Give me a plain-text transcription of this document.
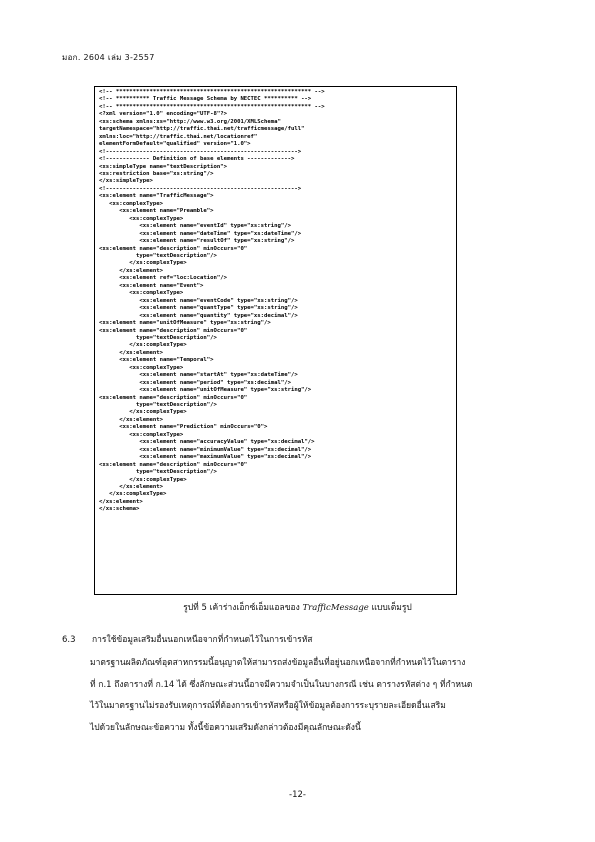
มอก. 2604 เล่ม 3-2557
<!-- ********************************************************** -->
<!-- ********** Traffic Message Schema by NECTEC ********** -->
<!-- ********************************************************** -->
<?xml version="1.0" encoding="UTF-8"?>
<xs:schema xmlns:xs="http://www.w3.org/2001/XMLSchema"
targetNamespace="http://traffic.thai.net/trafficmessage/full"
xmlns:loc="http://traffic.thai.net/locationref"
elementFormDefault="qualified" version="1.0">
<!--------------------------------------------------------->
<!------------- Definition of base elements ------------->
<xs:simpleType name="textDescription">
<xs:restriction base="xs:string"/>
</xs:simpleType>
<!--------------------------------------------------------->
<xs:element name="TrafficMessage">
<xs:complexType>
<xs:element name="Preamble">
<xs:complexType>
<xs:element name="eventId" type="xs:string"/>
<xs:element name="dateTime" type="xs:dateTime"/>
<xs:element name="resultOf" type="xs:string"/>
<xs:element name="description" minOccurs="0"
type="textDescription"/>
</xs:complexType>
</xs:element>
<xs:element ref="loc:Location"/>
<xs:element name="Event">
<xs:complexType>
<xs:element name="eventCode" type="xs:string"/>
<xs:element name="quantType" type="xs:string"/>
<xs:element name="quantity" type="xs:decimal"/>
<xs:element name="unitOfMeasure" type="xs:string"/>
<xs:element name="description" minOccurs="0"
type="textDescription"/>
</xs:complexType>
</xs:element>
<xs:element name="Temporal">
<xs:complexType>
<xs:element name="startAt" type="xs:dateTime"/>
<xs:element name="period" type="xs:decimal"/>
<xs:element name="unitOfMeasure" type="xs:string"/>
<xs:element name="description" minOccurs="0"
type="textDescription"/>
</xs:complexType>
</xs:element>
<xs:element name="Prediction" minOccurs="0">
<xs:complexType>
<xs:element name="accuracyValue" type="xs:decimal"/>
<xs:element name="minimumValue" type="xs:decimal"/>
<xs:element name="maximumValue" type="xs:decimal"/>
<xs:element name="description" minOccurs="0"
type="textDescription"/>
</xs:complexType>
</xs:element>
</xs:complexType>
</xs:element>
</xs:schema>
รูปที่ 5 เค้าร่างเอ็กซ์เอ็มแอลของ TrafficMessage แบบเต็มรูป
6.3 การใช้ข้อมูลเสริมอื่นนอกเหนือจากที่กำหนดไว้ในการเข้ารหัส
มาตรฐานผลิตภัณฑ์อุตสาหกรรมนี้อนุญาตให้สามารถส่งข้อมูลอื่นที่อยู่นอกเหนือจากที่กำหนดไว้ในตาราง
ที่ ก.1 ถึงตารางที่ ก.14 ได้ ซึ่งลักษณะส่วนนี้อาจมีความจำเป็นในบางกรณี เช่น ตารางรหัสต่าง ๆ ที่กำหนด
ไว้ในมาตรฐานไม่รองรับเหตุการณ์ที่ต้องการเข้ารหัสหรือผู้ให้ข้อมูลต้องการระบุรายละเอียดอื่นเสริม
ไปด้วยในลักษณะข้อความ ทั้งนี้ข้อความเสริมดังกล่าวต้องมีคุณลักษณะดังนี้
-12-
